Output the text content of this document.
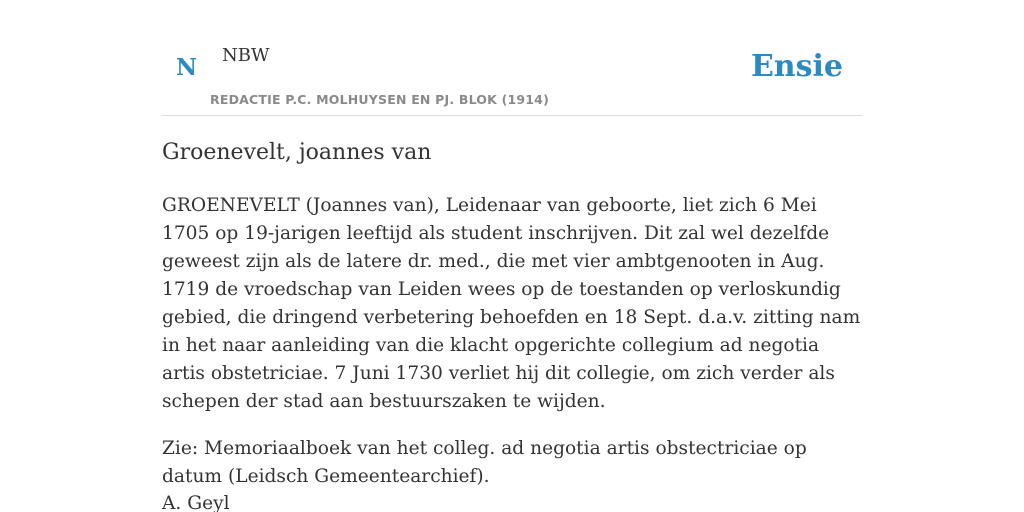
N NBW
REDACTIE P.C. MOLHUYSEN EN PJ. BLOK (1914)
Ensie
Groenevelt, joannes van

GROENEVELT (Joannes van), Leidenaar van geboorte, liet zich 6 Mei 1705 op 19-jarigen leeftijd als student inschrijven. Dit zal wel dezelfde geweest zijn als de latere dr. med., die met vier ambtgenooten in Aug. 1719 de vroedschap van Leiden wees op de toestanden op verloskundig gebied, die dringend verbetering behoefden en 18 Sept. d.a.v. zitting nam in het naar aanleiding van die klacht opgerichte collegium ad negotia artis obstetriciae. 7 Juni 1730 verliet hij dit collegie, om zich verder als schepen der stad aan bestuurszaken te wijden.

Zie: Memoriaalboek van het colleg. ad negotia artis obstectriciae op datum (Leidsch Gemeentearchief).

A. Geyl
